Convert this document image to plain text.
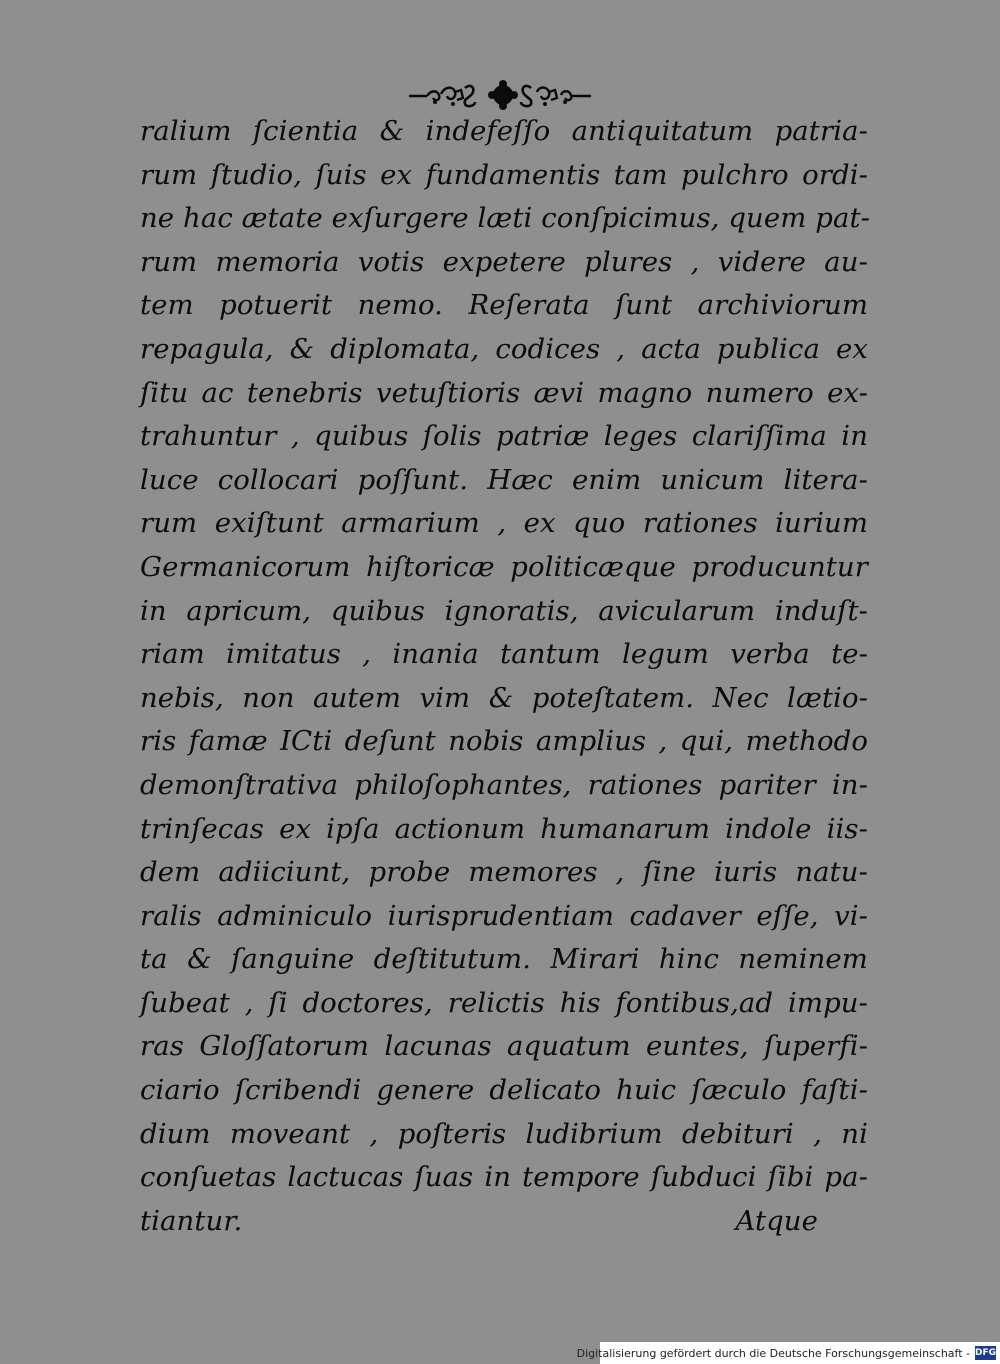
ralium ſcientia & indefeſſo antiquitatum patria-
rum ſtudio, ſuis ex fundamentis tam pulchro ordi-
ne hac ætate exſurgere læti conſpicimus, quem pat-
rum memoria votis expetere plures , videre au-
tem potuerit nemo. Reſerata ſunt archiviorum
repagula, & diplomata, codices , acta publica ex
ſitu ac tenebris vetuſtioris ævi magno numero ex-
trahuntur , quibus ſolis patriæ leges clariſſima in
luce collocari poſſunt. Hæc enim unicum litera-
rum exiſtunt armarium , ex quo rationes iurium
Germanicorum hiſtoricæ politicæque producuntur
in apricum, quibus ignoratis, avicularum induſt-
riam imitatus , inania tantum legum verba te-
nebis, non autem vim & poteſtatem. Nec lætio-
ris famæ ICti deſunt nobis amplius , qui, methodo
demonſtrativa philoſophantes, rationes pariter in-
trinſecas ex ipſa actionum humanarum indole iis-
dem adiiciunt, probe memores , ſine iuris natu-
ralis adminiculo iurisprudentiam cadaver eſſe, vi-
ta & ſanguine deſtitutum. Mirari hinc neminem
ſubeat , ſi doctores, relictis his fontibus,ad impu-
ras Gloſſatorum lacunas aquatum euntes, ſuperfi-
ciario ſcribendi genere delicato huic ſæculo faſti-
dium moveant , poſteris ludibrium debituri , ni
conſuetas lactucas ſuas in tempore ſubduci ſibi pa-
tiantur.	Atque
Digitalisierung gefördert durch die Deutsche Forschungsgemeinschaft - DFG
